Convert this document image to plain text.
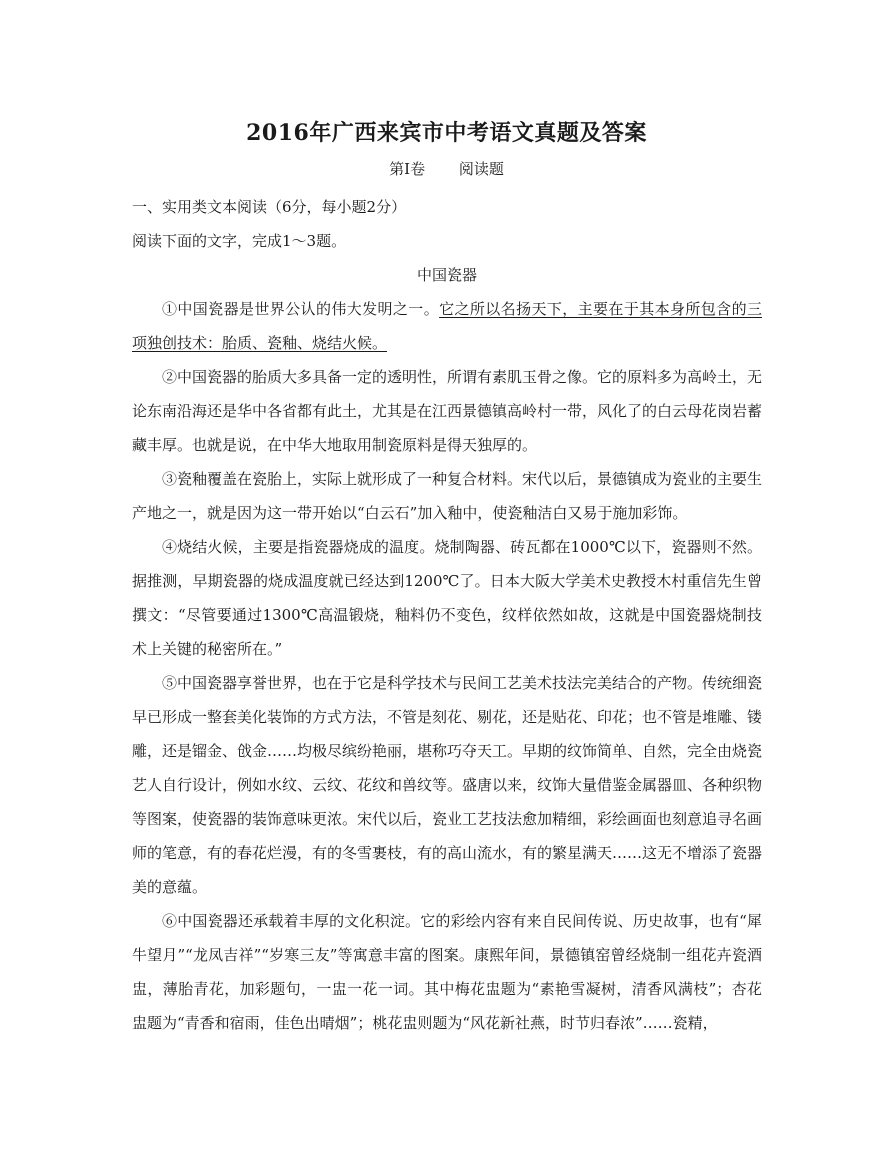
2016年广西来宾市中考语文真题及答案
第Ⅰ卷　 阅读题

一、实用类文本阅读（6分，每小题2分）

阅读下面的文字，完成1～3题。

中国瓷器

①中国瓷器是世界公认的伟大发明之一。它之所以名扬天下，主要在于其本身所包含的三项独创技术：胎质、瓷釉、烧结火候。

②中国瓷器的胎质大多具备一定的透明性，所谓有素肌玉骨之像。它的原料多为高岭土，无论东南沿海还是华中各省都有此土，尤其是在江西景德镇高岭村一带，风化了的白云母花岗岩蓄藏丰厚。也就是说，在中华大地取用制瓷原料是得天独厚的。

③瓷釉覆盖在瓷胎上，实际上就形成了一种复合材料。宋代以后，景德镇成为瓷业的主要生产地之一，就是因为这一带开始以“白云石”加入釉中，使瓷釉洁白又易于施加彩饰。

④烧结火候，主要是指瓷器烧成的温度。烧制陶器、砖瓦都在1000℃以下，瓷器则不然。据推测，早期瓷器的烧成温度就已经达到1200℃了。日本大阪大学美术史教授木村重信先生曾撰文：“尽管要通过1300℃高温锻烧，釉料仍不变色，纹样依然如故，这就是中国瓷器烧制技术上关键的秘密所在。”

⑤中国瓷器享誉世界，也在于它是科学技术与民间工艺美术技法完美结合的产物。传统细瓷早已形成一整套美化装饰的方式方法，不管是刻花、剔花，还是贴花、印花；也不管是堆雕、镂雕，还是镏金、戗金……均极尽缤纷艳丽，堪称巧夺天工。早期的纹饰简单、自然，完全由烧瓷艺人自行设计，例如水纹、云纹、花纹和兽纹等。盛唐以来，纹饰大量借鉴金属器皿、各种织物等图案，使瓷器的装饰意味更浓。宋代以后，瓷业工艺技法愈加精细，彩绘画面也刻意追寻名画师的笔意，有的春花烂漫，有的冬雪裹枝，有的高山流水，有的繁星满天……这无不增添了瓷器美的意蕴。

⑥中国瓷器还承载着丰厚的文化积淀。它的彩绘内容有来自民间传说、历史故事，也有“犀牛望月”“龙凤吉祥”“岁寒三友”等寓意丰富的图案。康熙年间，景德镇窑曾经烧制一组花卉瓷酒盅，薄胎青花，加彩题句，一盅一花一词。其中梅花盅题为“素艳雪凝树，清香风满枝”；杏花盅题为“青香和宿雨，佳色出晴烟”；桃花盅则题为“风花新社燕，时节归春浓”……瓷精，
